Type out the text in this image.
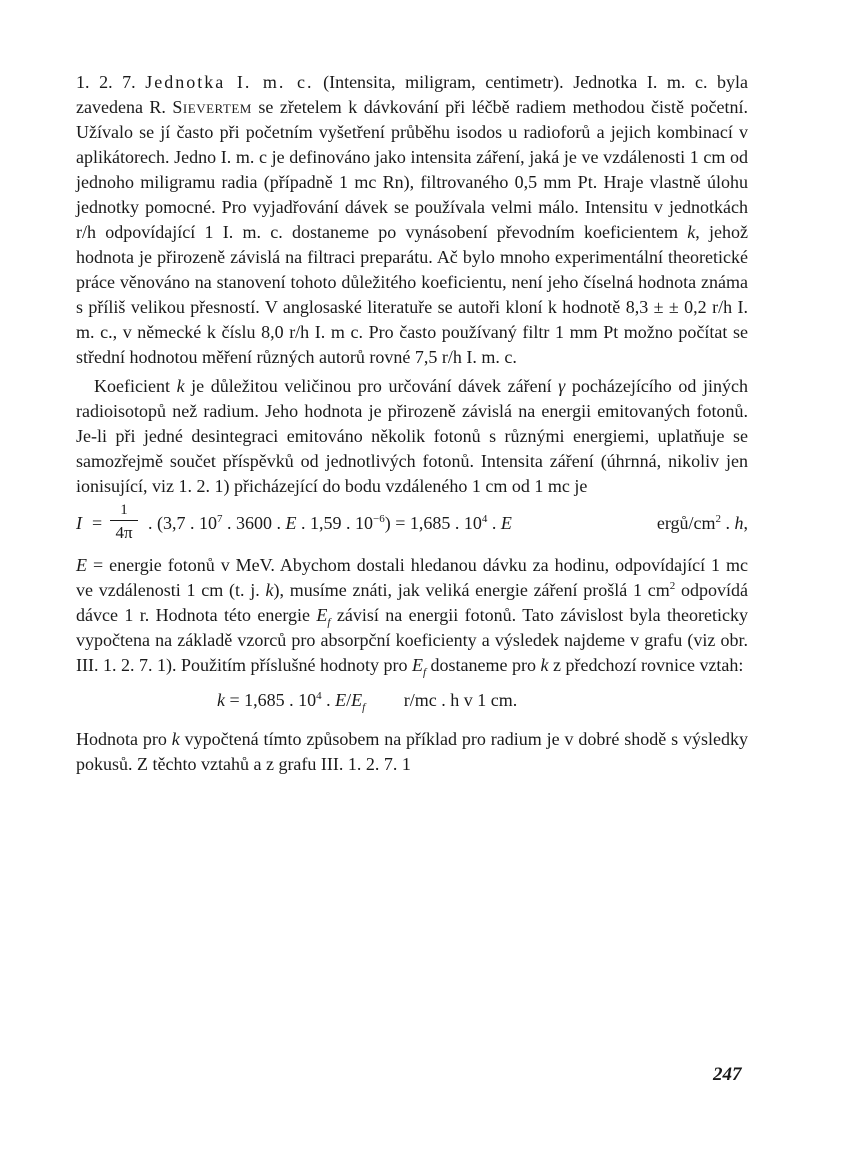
1. 2. 7. Jednotka I. m. c. (Intensita, miligram, centimetr). Jednotka I. m. c. byla zavedena R. Sievertem se zřetelem k dávkování při léčbě radiem methodou čistě početní. Užívalo se jí často při početním vyšetření průběhu isodos u radioforů a jejich kombinací v aplikátorech. Jedno I. m. c je definováno jako intensita záření, jaká je ve vzdálenosti 1 cm od jednoho miligramu radia (případně 1 mc Rn), filtrovaného 0,5 mm Pt. Hraje vlastně úlohu jednotky pomocné. Pro vyjadřování dávek se používala velmi málo. Intensitu v jednotkách r/h odpovídající 1 I. m. c. dostaneme po vynásobení převodním koeficientem k, jehož hodnota je přirozeně závislá na filtraci preparátu. Ač bylo mnoho experimentální theoretické práce věnováno na stanovení tohoto důležitého koeficientu, není jeho číselná hodnota známa s příliš velikou přesností. V anglosaské literatuře se autoři kloní k hodnotě 8,3 ± ± 0,2 r/h I. m. c., v německé k číslu 8,0 r/h I. m c. Pro často používaný filtr 1 mm Pt možno počítat se střední hodnotou měření různých autorů rovné 7,5 r/h I. m. c.

Koeficient k je důležitou veličinou pro určování dávek záření γ pocházejícího od jiných radioisotopů než radium. Jeho hodnota je přirozeně závislá na energii emitovaných fotonů. Je-li při jedné desintegraci emitováno několik fotonů s různými energiemi, uplatňuje se samozřejmě součet příspěvků od jednotlivých fotonů. Intensita záření (úhrnná, nikoliv jen ionisující, viz 1. 2. 1) přicházející do bodu vzdáleného 1 cm od 1 mc je

I =
1
4π . (3,7 . $10^7$ . 3600 . E . 1,59 . $10^{-6}) = 1,685$ . $10^4$ . E	ergů/$cm^2$ . h,

E = energie fotonů v MeV. Abychom dostali hledanou dávku za hodinu, odpovídající 1 mc ve vzdálenosti 1 cm (t. j. k), musíme znáti, jak veliká energie záření prošlá 1 $cm^2$ odpovídá dávce 1 r. Hodnota této energie $E_f$ závisí na energii fotonů. Tato závislost byla theoreticky vypočtena na základě vzorců pro absorpční koeficienty a výsledek najdeme v grafu (viz obr. III. 1. 2. 7. 1). Použitím příslušné hodnoty pro $E_f$ dostaneme pro k z předchozí rovnice vztah:

k = 1,685 . $10^4$ . $E/E_f$ r/mc . h v 1 cm.

Hodnota pro k vypočtená tímto způsobem na příklad pro radium je v dobré shodě s výsledky pokusů. Z těchto vztahů a z grafu III. 1. 2. 7. 1

247
